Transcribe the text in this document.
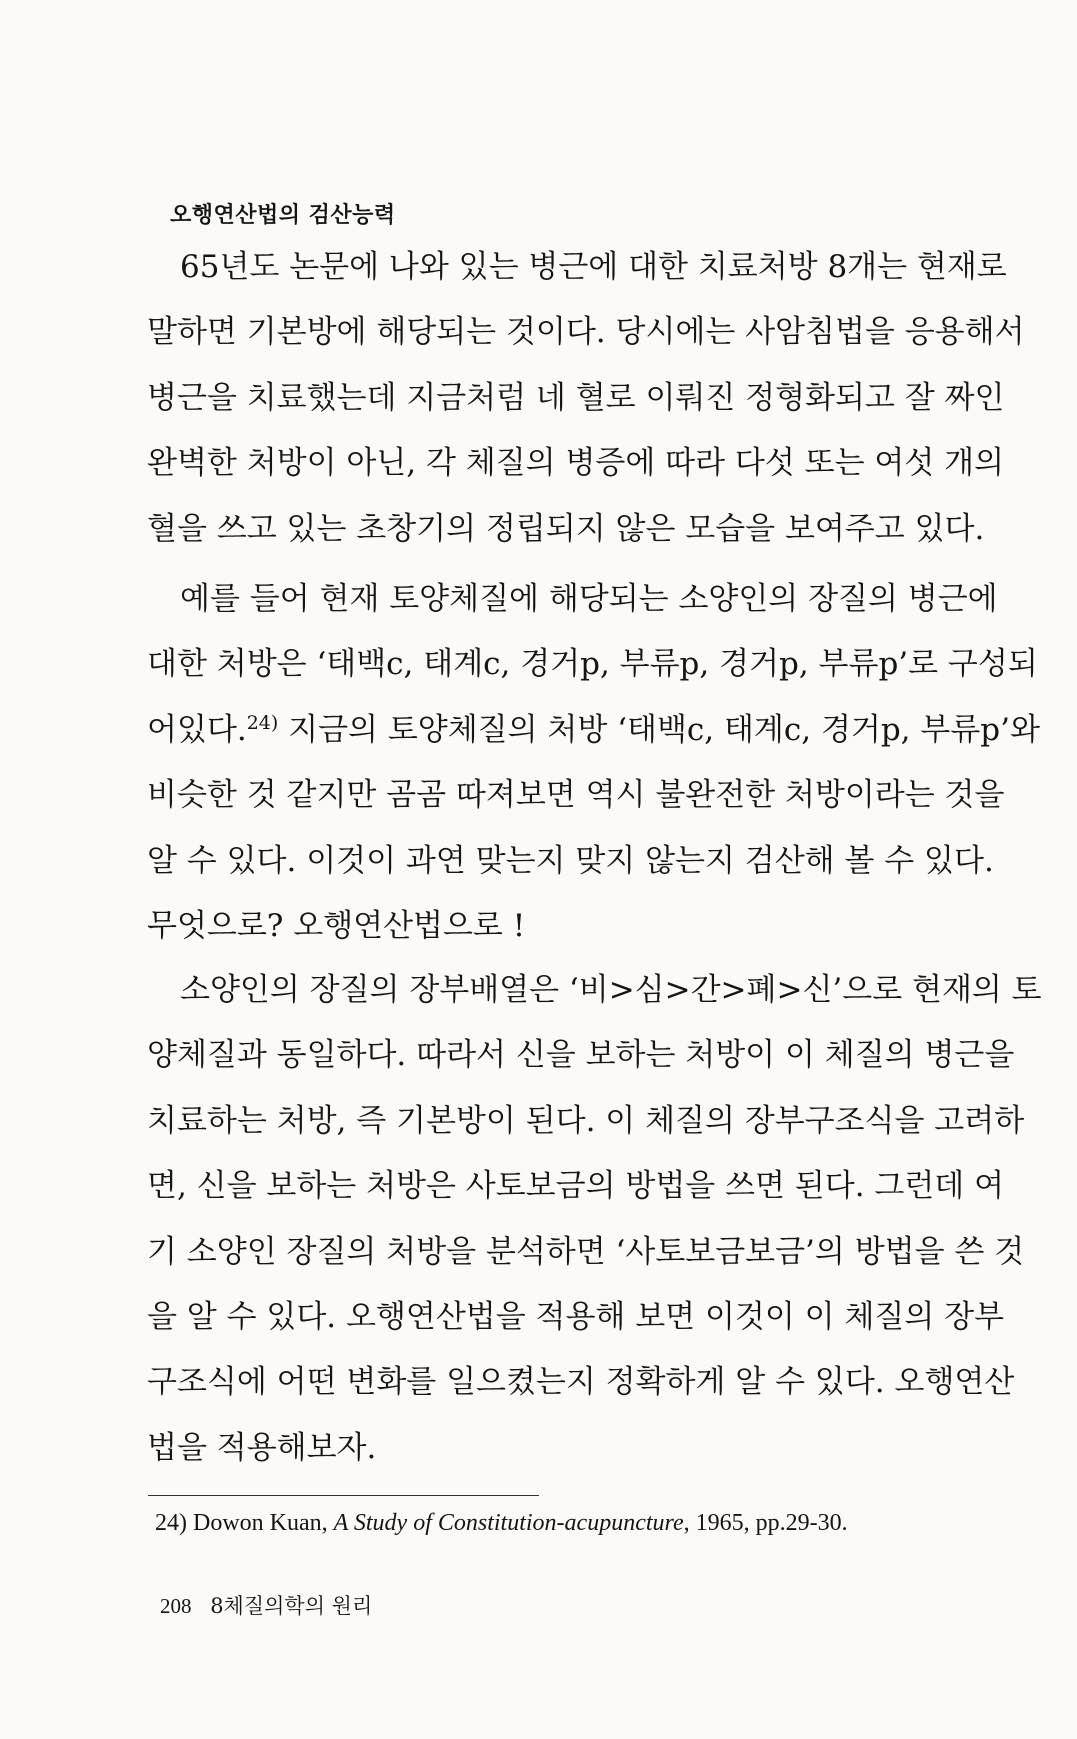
오행연산법의 검산능력
65년도 논문에 나와 있는 병근에 대한 치료처방 8개는 현재로
말하면 기본방에 해당되는 것이다. 당시에는 사암침법을 응용해서
병근을 치료했는데 지금처럼 네 혈로 이뤄진 정형화되고 잘 짜인
완벽한 처방이 아닌, 각 체질의 병증에 따라 다섯 또는 여섯 개의
혈을 쓰고 있는 초창기의 정립되지 않은 모습을 보여주고 있다.
예를 들어 현재 토양체질에 해당되는 소양인의 장질의 병근에
대한 처방은 ‘태백c, 태계c, 경거p, 부류p, 경거p, 부류p’로 구성되
어있다.$^{24)}$ 지금의 토양체질의 처방 ‘태백c, 태계c, 경거p, 부류p’와
비슷한 것 같지만 곰곰 따져보면 역시 불완전한 처방이라는 것을
알 수 있다. 이것이 과연 맞는지 맞지 않는지 검산해 볼 수 있다.
무엇으로? 오행연산법으로 !
소양인의 장질의 장부배열은 ‘비>심>간>폐>신’으로 현재의 토
양체질과 동일하다. 따라서 신을 보하는 처방이 이 체질의 병근을
치료하는 처방, 즉 기본방이 된다. 이 체질의 장부구조식을 고려하
면, 신을 보하는 처방은 사토보금의 방법을 쓰면 된다. 그런데 여
기 소양인 장질의 처방을 분석하면 ‘사토보금보금’의 방법을 쓴 것
을 알 수 있다. 오행연산법을 적용해 보면 이것이 이 체질의 장부
구조식에 어떤 변화를 일으켰는지 정확하게 알 수 있다. 오행연산
법을 적용해보자.
24) Dowon Kuan, A Study of Constitution-acupuncture, 1965, pp.29-30.
208 8체질의학의 원리
